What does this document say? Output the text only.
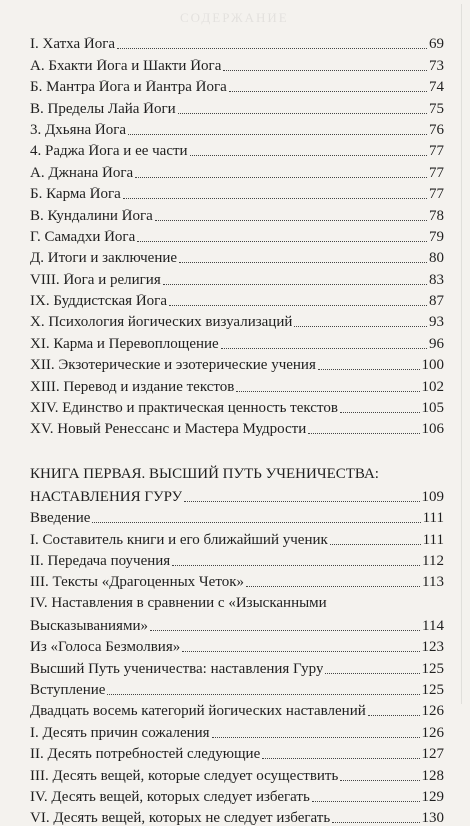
СОДЕРЖАНИЕ
I. Хатха Йога	69
А. Бхакти Йога и Шакти Йога	73
Б. Мантра Йога и Йантра Йога	74
В. Пределы Лайа Йоги	75
3. Дхьяна Йога	76
4. Раджа Йога и ее части	77
А. Джнана Йога	77
Б. Карма Йога	77
В. Кундалини Йога	78
Г. Самадхи Йога	79
Д. Итоги и заключение	80
VIII. Йога и религия	83
IX. Буддистская Йога	87
X. Психология йогических визуализаций	93
XI. Карма и Перевоплощение	96
XII. Экзотерические и эзотерические учения	100
XIII. Перевод и издание текстов	102
XIV. Единство и практическая ценность текстов	105
XV. Новый Ренессанс и Мастера Мудрости	106
КНИГА ПЕРВАЯ. ВЫСШИЙ ПУТЬ УЧЕНИЧЕСТВА:
НАСТАВЛЕНИЯ ГУРУ	109
Введение	111
I. Составитель книги и его ближайший ученик	111
II. Передача поучения	112
III. Тексты «Драгоценных Четок»	113
IV. Наставления в сравнении с «Изысканными
Высказываниями»	114
Из «Голоса Безмолвия»	123
Высший Путь ученичества: наставления Гуру	125
Вступление	125
Двадцать восемь категорий йогических наставлений	126
I. Десять причин сожаления	126
II. Десять потребностей следующие	127
III. Десять вещей, которые следует осуществить	128
IV. Десять вещей, которых следует избегать	129
VI. Десять вещей, которых не следует избегать	130
